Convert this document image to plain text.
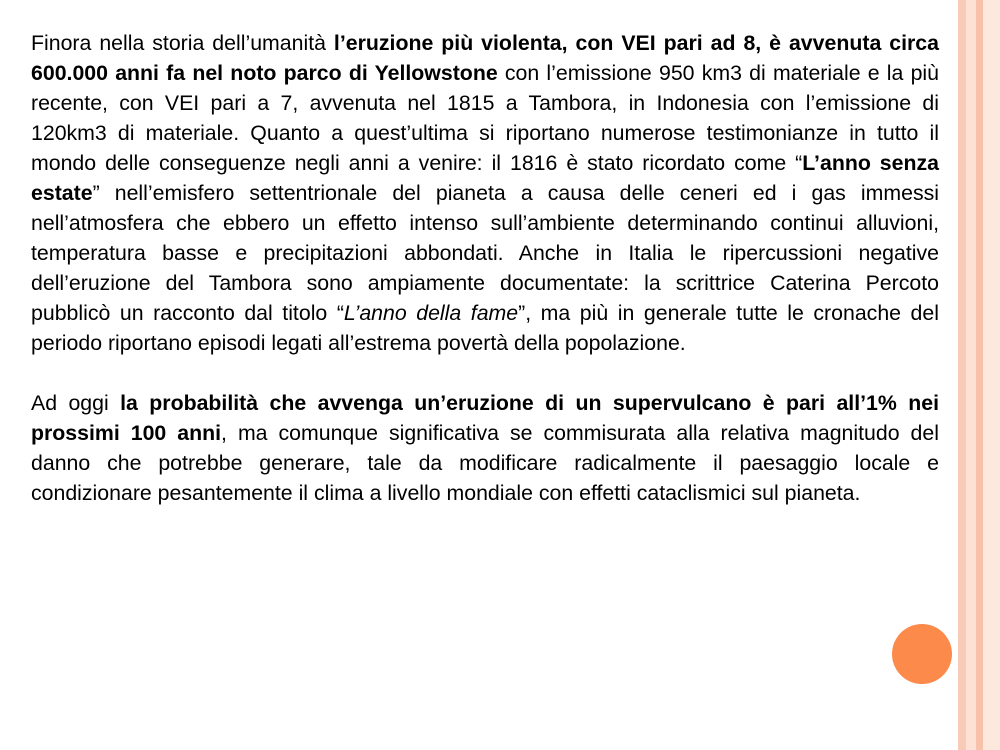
Finora nella storia dell’umanità l’eruzione più violenta, con VEI pari ad 8, è avvenuta circa 600.000 anni fa nel noto parco di Yellowstone con l’emissione 950 km3 di materiale e la più recente, con VEI pari a 7, avvenuta nel 1815 a Tambora, in Indonesia con l’emissione di 120km3 di materiale. Quanto a quest’ultima si riportano numerose testimonianze in tutto il mondo delle conseguenze negli anni a venire: il 1816 è stato ricordato come “L’anno senza estate” nell’emisfero settentrionale del pianeta a causa delle ceneri ed i gas immessi nell’atmosfera che ebbero un effetto intenso sull’ambiente determinando continui alluvioni, temperatura basse e precipitazioni abbondati. Anche in Italia le ripercussioni negative dell’eruzione del Tambora sono ampiamente documentate: la scrittrice Caterina Percoto pubblicò un racconto dal titolo “L’anno della fame”, ma più in generale tutte le cronache del periodo riportano episodi legati all’estrema povertà della popolazione.

Ad oggi la probabilità che avvenga un’eruzione di un supervulcano è pari all’1% nei prossimi 100 anni, ma comunque significativa se commisurata alla relativa magnitudo del danno che potrebbe generare, tale da modificare radicalmente il paesaggio locale e condizionare pesantemente il clima a livello mondiale con effetti cataclismici sul pianeta.
